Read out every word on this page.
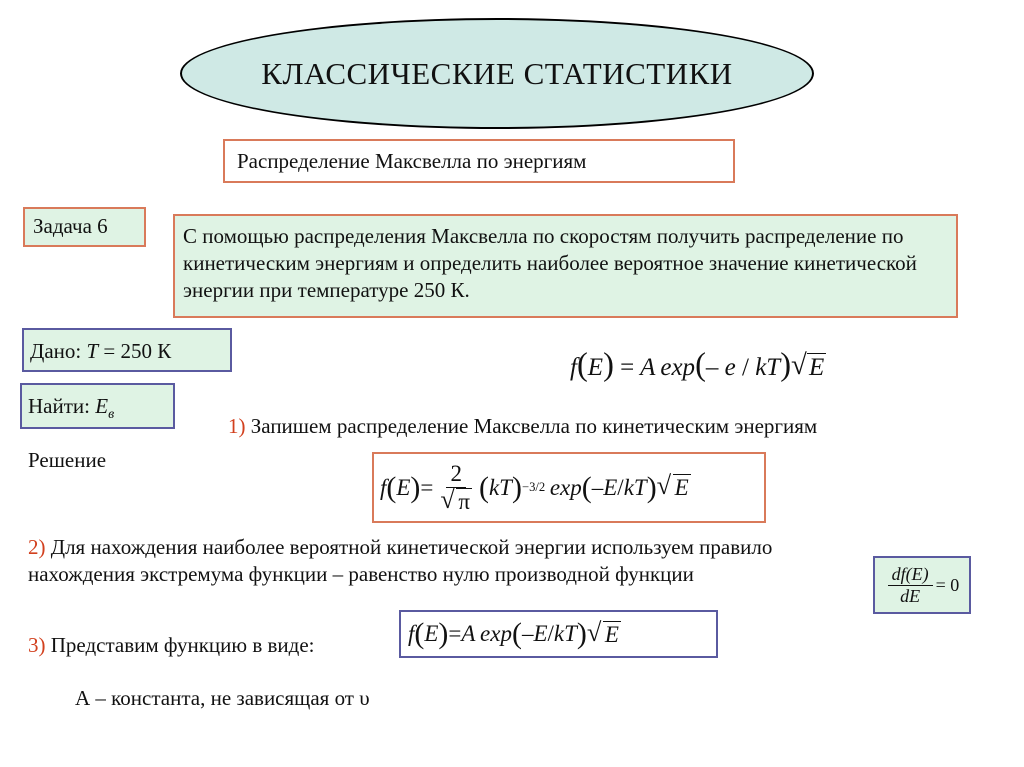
КЛАССИЧЕСКИЕ СТАТИСТИКИ
Распределение Максвелла по энергиям
Задача 6	С помощью распределения Максвелла по скоростям получить распределение по кинетическим энергиям и определить наиболее вероятное значение кинетической энергии при температуре 250 К.
Дано: T = 250 К
Найти: $E_в$
f(E) = A  exp(– e / kT) √ E
1) Запишем распределение Максвелла по кинетическим энергиям
Решение
f ( E ) = 2
√ π ( kT ) −3/2
  exp ( – E / kT ) √ E
2) Для нахождения наиболее вероятной кинетической энергии используем правило нахождения экстремума функции – равенство нулю производной функции	$\frac{df(E)}{dE} = 0$
3) Представим функцию в виде:	f ( E ) = A
  exp ( – E / kT ) √ E
А – константа, не зависящая от υ
